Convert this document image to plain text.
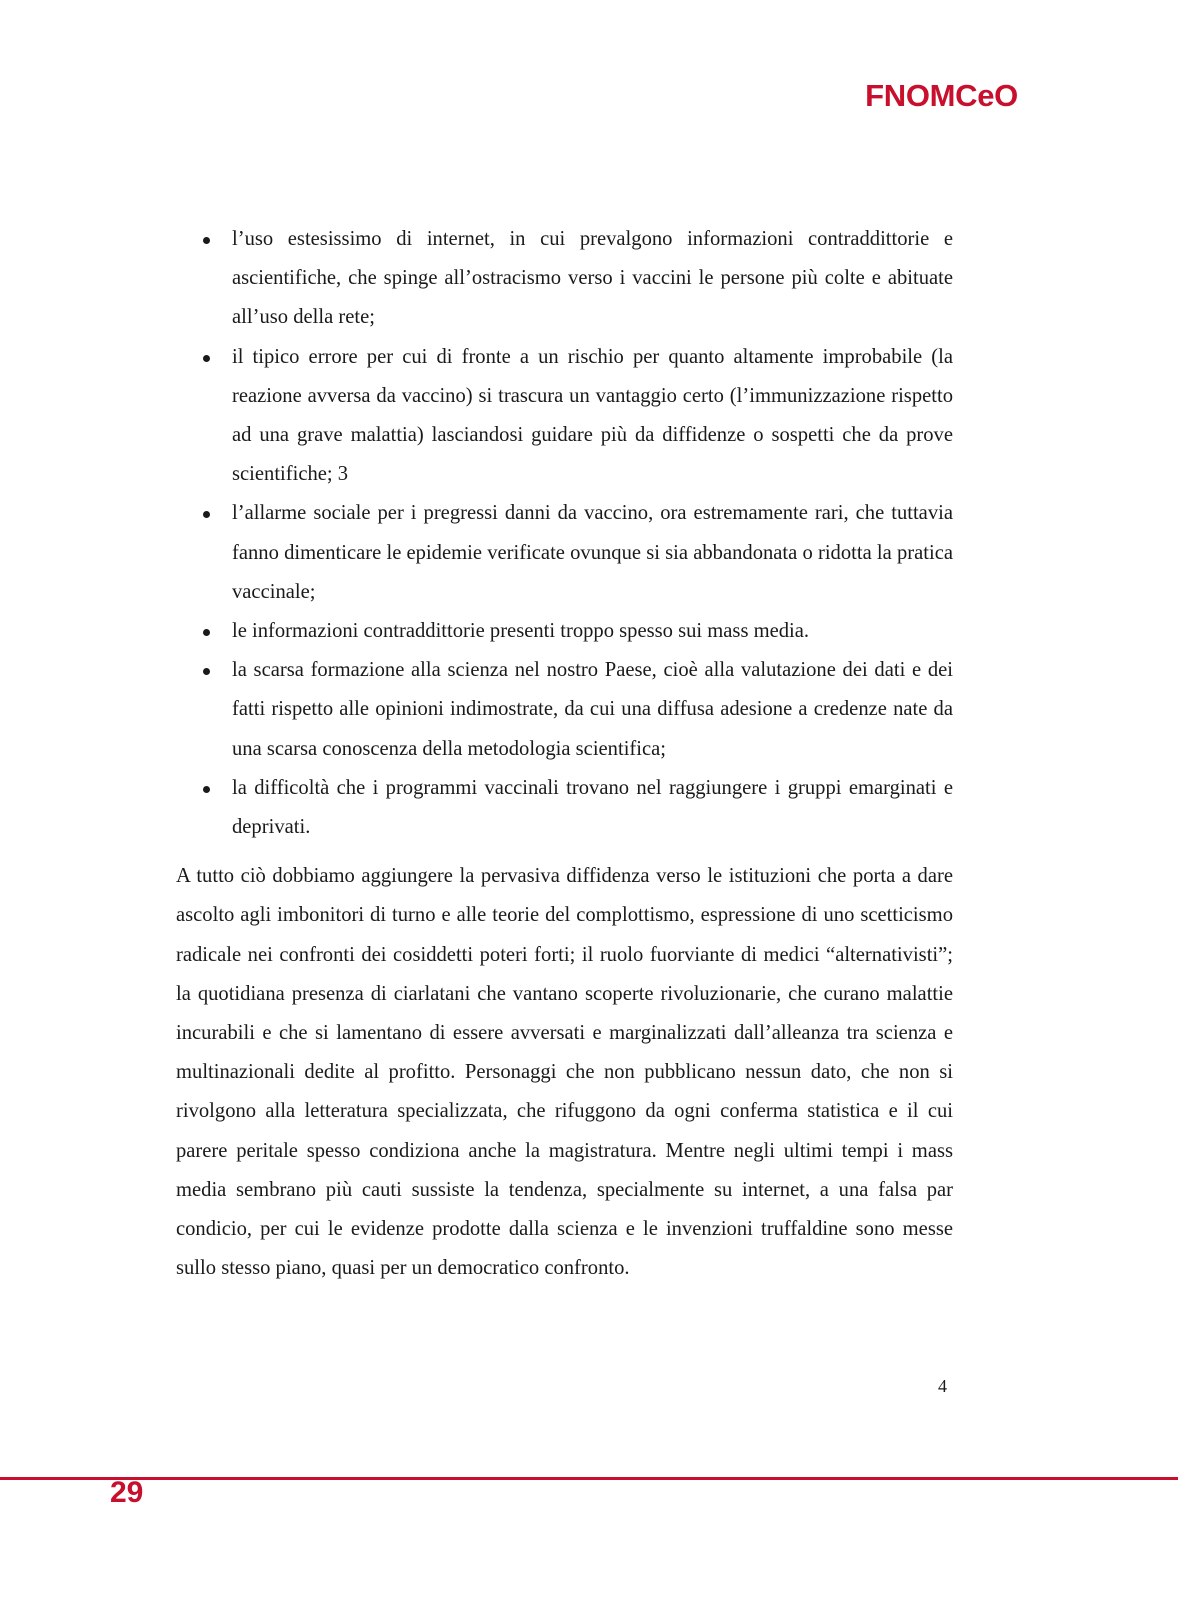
FNOMCeO
l’uso estesissimo di internet, in cui prevalgono informazioni contraddittorie e ascientifiche, che spinge all’ostracismo verso i vaccini le persone più colte e abituate all’uso della rete;
il tipico errore per cui di fronte a un rischio per quanto altamente improbabile (la reazione avversa da vaccino) si trascura un vantaggio certo (l’immunizzazione rispetto ad una grave malattia) lasciandosi guidare più da diffidenze o sospetti che da prove scientifiche; 3
l’allarme sociale per i pregressi danni da vaccino, ora estremamente rari, che tuttavia fanno dimenticare le epidemie verificate ovunque si sia abbandonata o ridotta la pratica vaccinale;
le informazioni contraddittorie presenti troppo spesso sui mass media.
la scarsa formazione alla scienza nel nostro Paese, cioè alla valutazione dei dati e dei fatti rispetto alle opinioni indimostrate, da cui una diffusa adesione a credenze nate da una scarsa conoscenza della metodologia scientifica;
la difficoltà che i programmi vaccinali trovano nel raggiungere i gruppi emarginati e deprivati.

A tutto ciò dobbiamo aggiungere la pervasiva diffidenza verso le istituzioni che porta a dare ascolto agli imbonitori di turno e alle teorie del complottismo, espressione di uno scetticismo radicale nei confronti dei cosiddetti poteri forti; il ruolo fuorviante di medici “alternativisti”; la quotidiana presenza di ciarlatani che vantano scoperte rivoluzionarie, che curano malattie incurabili e che si lamentano di essere avversati e marginalizzati dall’alleanza tra scienza e multinazionali dedite al profitto. Personaggi che non pubblicano nessun dato, che non si rivolgono alla letteratura specializzata, che rifuggono da ogni conferma statistica e il cui parere peritale spesso condiziona anche la magistratura. Mentre negli ultimi tempi i mass media sembrano più cauti sussiste la tendenza, specialmente su internet, a una falsa par condicio, per cui le evidenze prodotte dalla scienza e le invenzioni truffaldine sono messe sullo stesso piano, quasi per un democratico confronto.

4
29
